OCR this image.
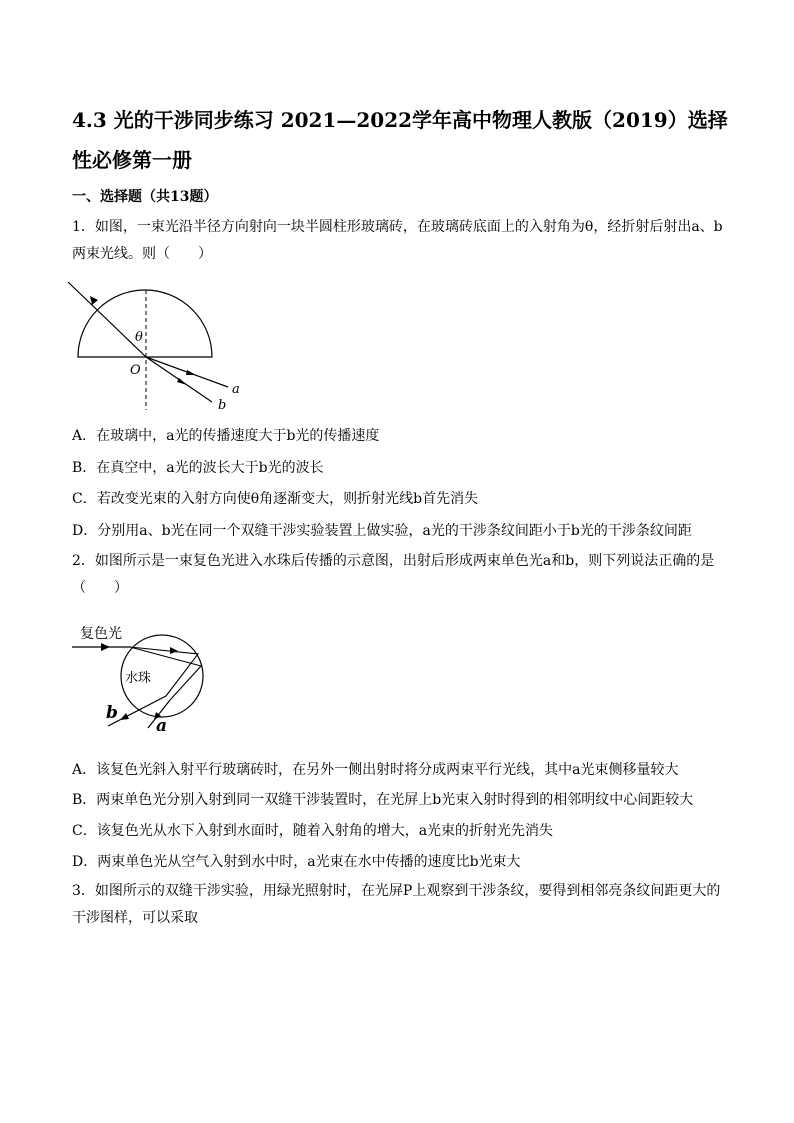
4.3 光的干涉同步练习 2021—2022学年高中物理人教版（2019）选择性必修第一册
一、选择题（共13题）
1．如图，一束光沿半径方向射向一块半圆柱形玻璃砖，在玻璃砖底面上的入射角为θ，经折射后射出a、b两束光线。则（　　）
θ
O
a
b
A．在玻璃中，a光的传播速度大于b光的传播速度
B．在真空中，a光的波长大于b光的波长
C．若改变光束的入射方向使θ角逐渐变大，则折射光线b首先消失
D．分别用a、b光在同一个双缝干涉实验装置上做实验，a光的干涉条纹间距小于b光的干涉条纹间距
2．如图所示是一束复色光进入水珠后传播的示意图，出射后形成两束单色光a和b，则下列说法正确的是（　　）
复色光
水珠
b
a
A．该复色光斜入射平行玻璃砖时，在另外一侧出射时将分成两束平行光线，其中a光束侧移量较大
B．两束单色光分别入射到同一双缝干涉装置时，在光屏上b光束入射时得到的相邻明纹中心间距较大
C．该复色光从水下入射到水面时，随着入射角的增大，a光束的折射光先消失
D．两束单色光从空气入射到水中时，a光束在水中传播的速度比b光束大
3．如图所示的双缝干涉实验，用绿光照射时，在光屏P上观察到干涉条纹，要得到相邻亮条纹间距更大的干涉图样，可以采取
